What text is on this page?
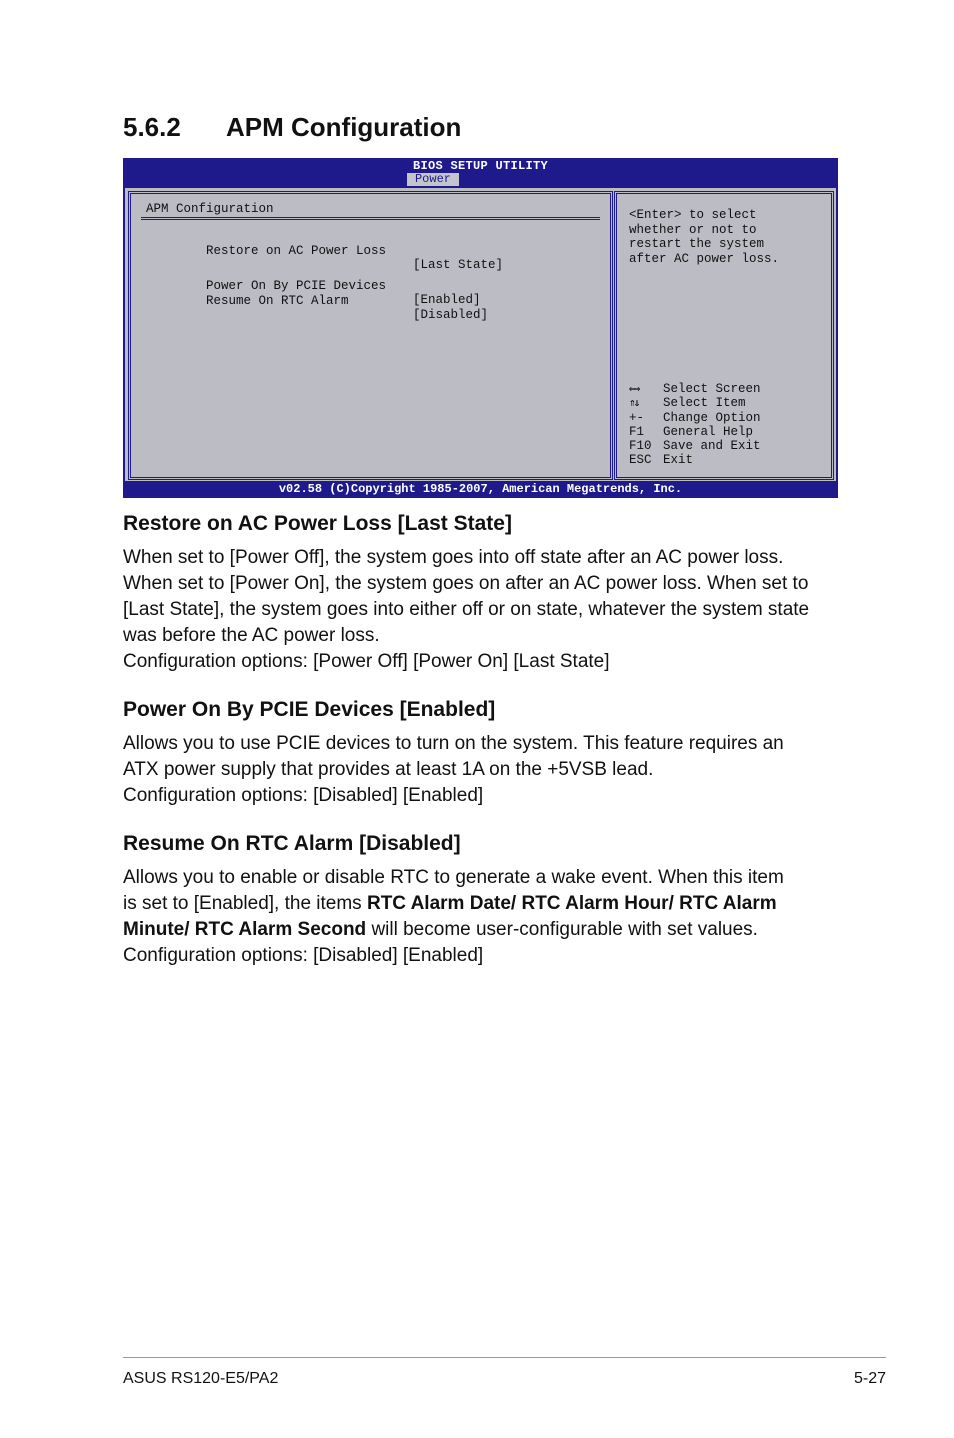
5.6.2 APM Configuration
BIOS SETUP UTILITY
Power
APM Configuration

Restore on AC Power Loss

[Last State]

Power On By PCIE Devices

[Enabled]

Resume On RTC Alarm

[Disabled]

<Enter> to select
whether or not to
restart the system
after AC power loss.
⇐⇒ Select Screen
⇑⇓ Select Item
+- Change Option
F1 General Help
F10 Save and Exit
ESC Exit
v02.58 (C)Copyright 1985-2007, American Megatrends, Inc.
Restore on AC Power Loss [Last State]

When set to [Power Off], the system goes into off state after an AC power loss.

When set to [Power On], the system goes on after an AC power loss. When set to

[Last State], the system goes into either off or on state, whatever the system state

was before the AC power loss.

Configuration options: [Power Off] [Power On] [Last State]

Power On By PCIE Devices [Enabled]

Allows you to use PCIE devices to turn on the system. This feature requires an

ATX power supply that provides at least 1A on the +5VSB lead.

Configuration options: [Disabled] [Enabled]

Resume On RTC Alarm [Disabled]

Allows you to enable or disable RTC to generate a wake event. When this item

is set to [Enabled], the items RTC Alarm Date/ RTC Alarm Hour/ RTC Alarm

Minute/ RTC Alarm Second will become user-configurable with set values.

Configuration options: [Disabled] [Enabled]

ASUS RS120-E5/PA2	5-27
